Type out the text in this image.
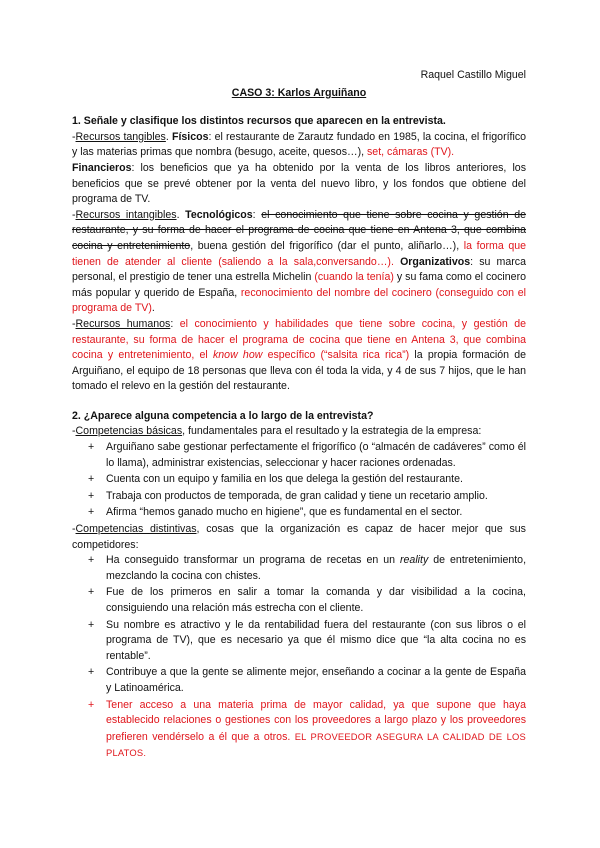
Raquel Castillo Miguel
CASO 3: Karlos Arguiñano

1. Señale y clasifique los distintos recursos que aparecen en la entrevista.

-Recursos tangibles. Físicos: el restaurante de Zarautz fundado en 1985, la cocina, el frigorífico y las materias primas que nombra (besugo, aceite, quesos…), set, cámaras (TV).
Financieros: los beneficios que ya ha obtenido por la venta de los libros anteriores, los beneficios que se prevé obtener por la venta del nuevo libro, y los fondos que obtiene del programa de TV.

-Recursos intangibles. Tecnológicos: el conocimiento que tiene sobre cocina y gestión de restaurante, y su forma de hacer el programa de cocina que tiene en Antena 3, que combina cocina y entretenimiento, buena gestión del frigorífico (dar el punto, aliñarlo…), la forma que tienen de atender al cliente (saliendo a la sala,conversando…). Organizativos: su marca personal, el prestigio de tener una estrella Michelin (cuando la tenía) y su fama como el cocinero más popular y querido de España, reconocimiento del nombre del cocinero (conseguido con el programa de TV).

-Recursos humanos: el conocimiento y habilidades que tiene sobre cocina, y gestión de restaurante, su forma de hacer el programa de cocina que tiene en Antena 3, que combina cocina y entretenimiento, el know how específico (“salsita rica rica”) la propia formación de Arguiñano, el equipo de 18 personas que lleva con él toda la vida, y 4 de sus 7 hijos, que le han tomado el relevo en la gestión del restaurante.

2. ¿Aparece alguna competencia a lo largo de la entrevista?

-Competencias básicas, fundamentales para el resultado y la estrategia de la empresa:

+ Arguiñano sabe gestionar perfectamente el frigorífico (o “almacén de cadáveres” como él lo llama), administrar existencias, seleccionar y hacer raciones ordenadas.
+ Cuenta con un equipo y familia en los que delega la gestión del restaurante.
+ Trabaja con productos de temporada, de gran calidad y tiene un recetario amplio.
+ Afirma “hemos ganado mucho en higiene”, que es fundamental en el sector.

-Competencias distintivas, cosas que la organización es capaz de hacer mejor que sus competidores:

+ Ha conseguido transformar un programa de recetas en un reality de entretenimiento, mezclando la cocina con chistes.
+ Fue de los primeros en salir a tomar la comanda y dar visibilidad a la cocina, consiguiendo una relación más estrecha con el cliente.
+ Su nombre es atractivo y le da rentabilidad fuera del restaurante (con sus libros o el programa de TV), que es necesario ya que él mismo dice que “la alta cocina no es rentable”.
+ Contribuye a que la gente se alimente mejor, enseñando a cocinar a la gente de España y Latinoamérica.
+ Tener acceso a una materia prima de mayor calidad, ya que supone que haya establecido relaciones o gestiones con los proveedores a largo plazo y los proveedores prefieren vendérselo a él que a otros. EL PROVEEDOR ASEGURA LA CALIDAD DE LOS PLATOS.
